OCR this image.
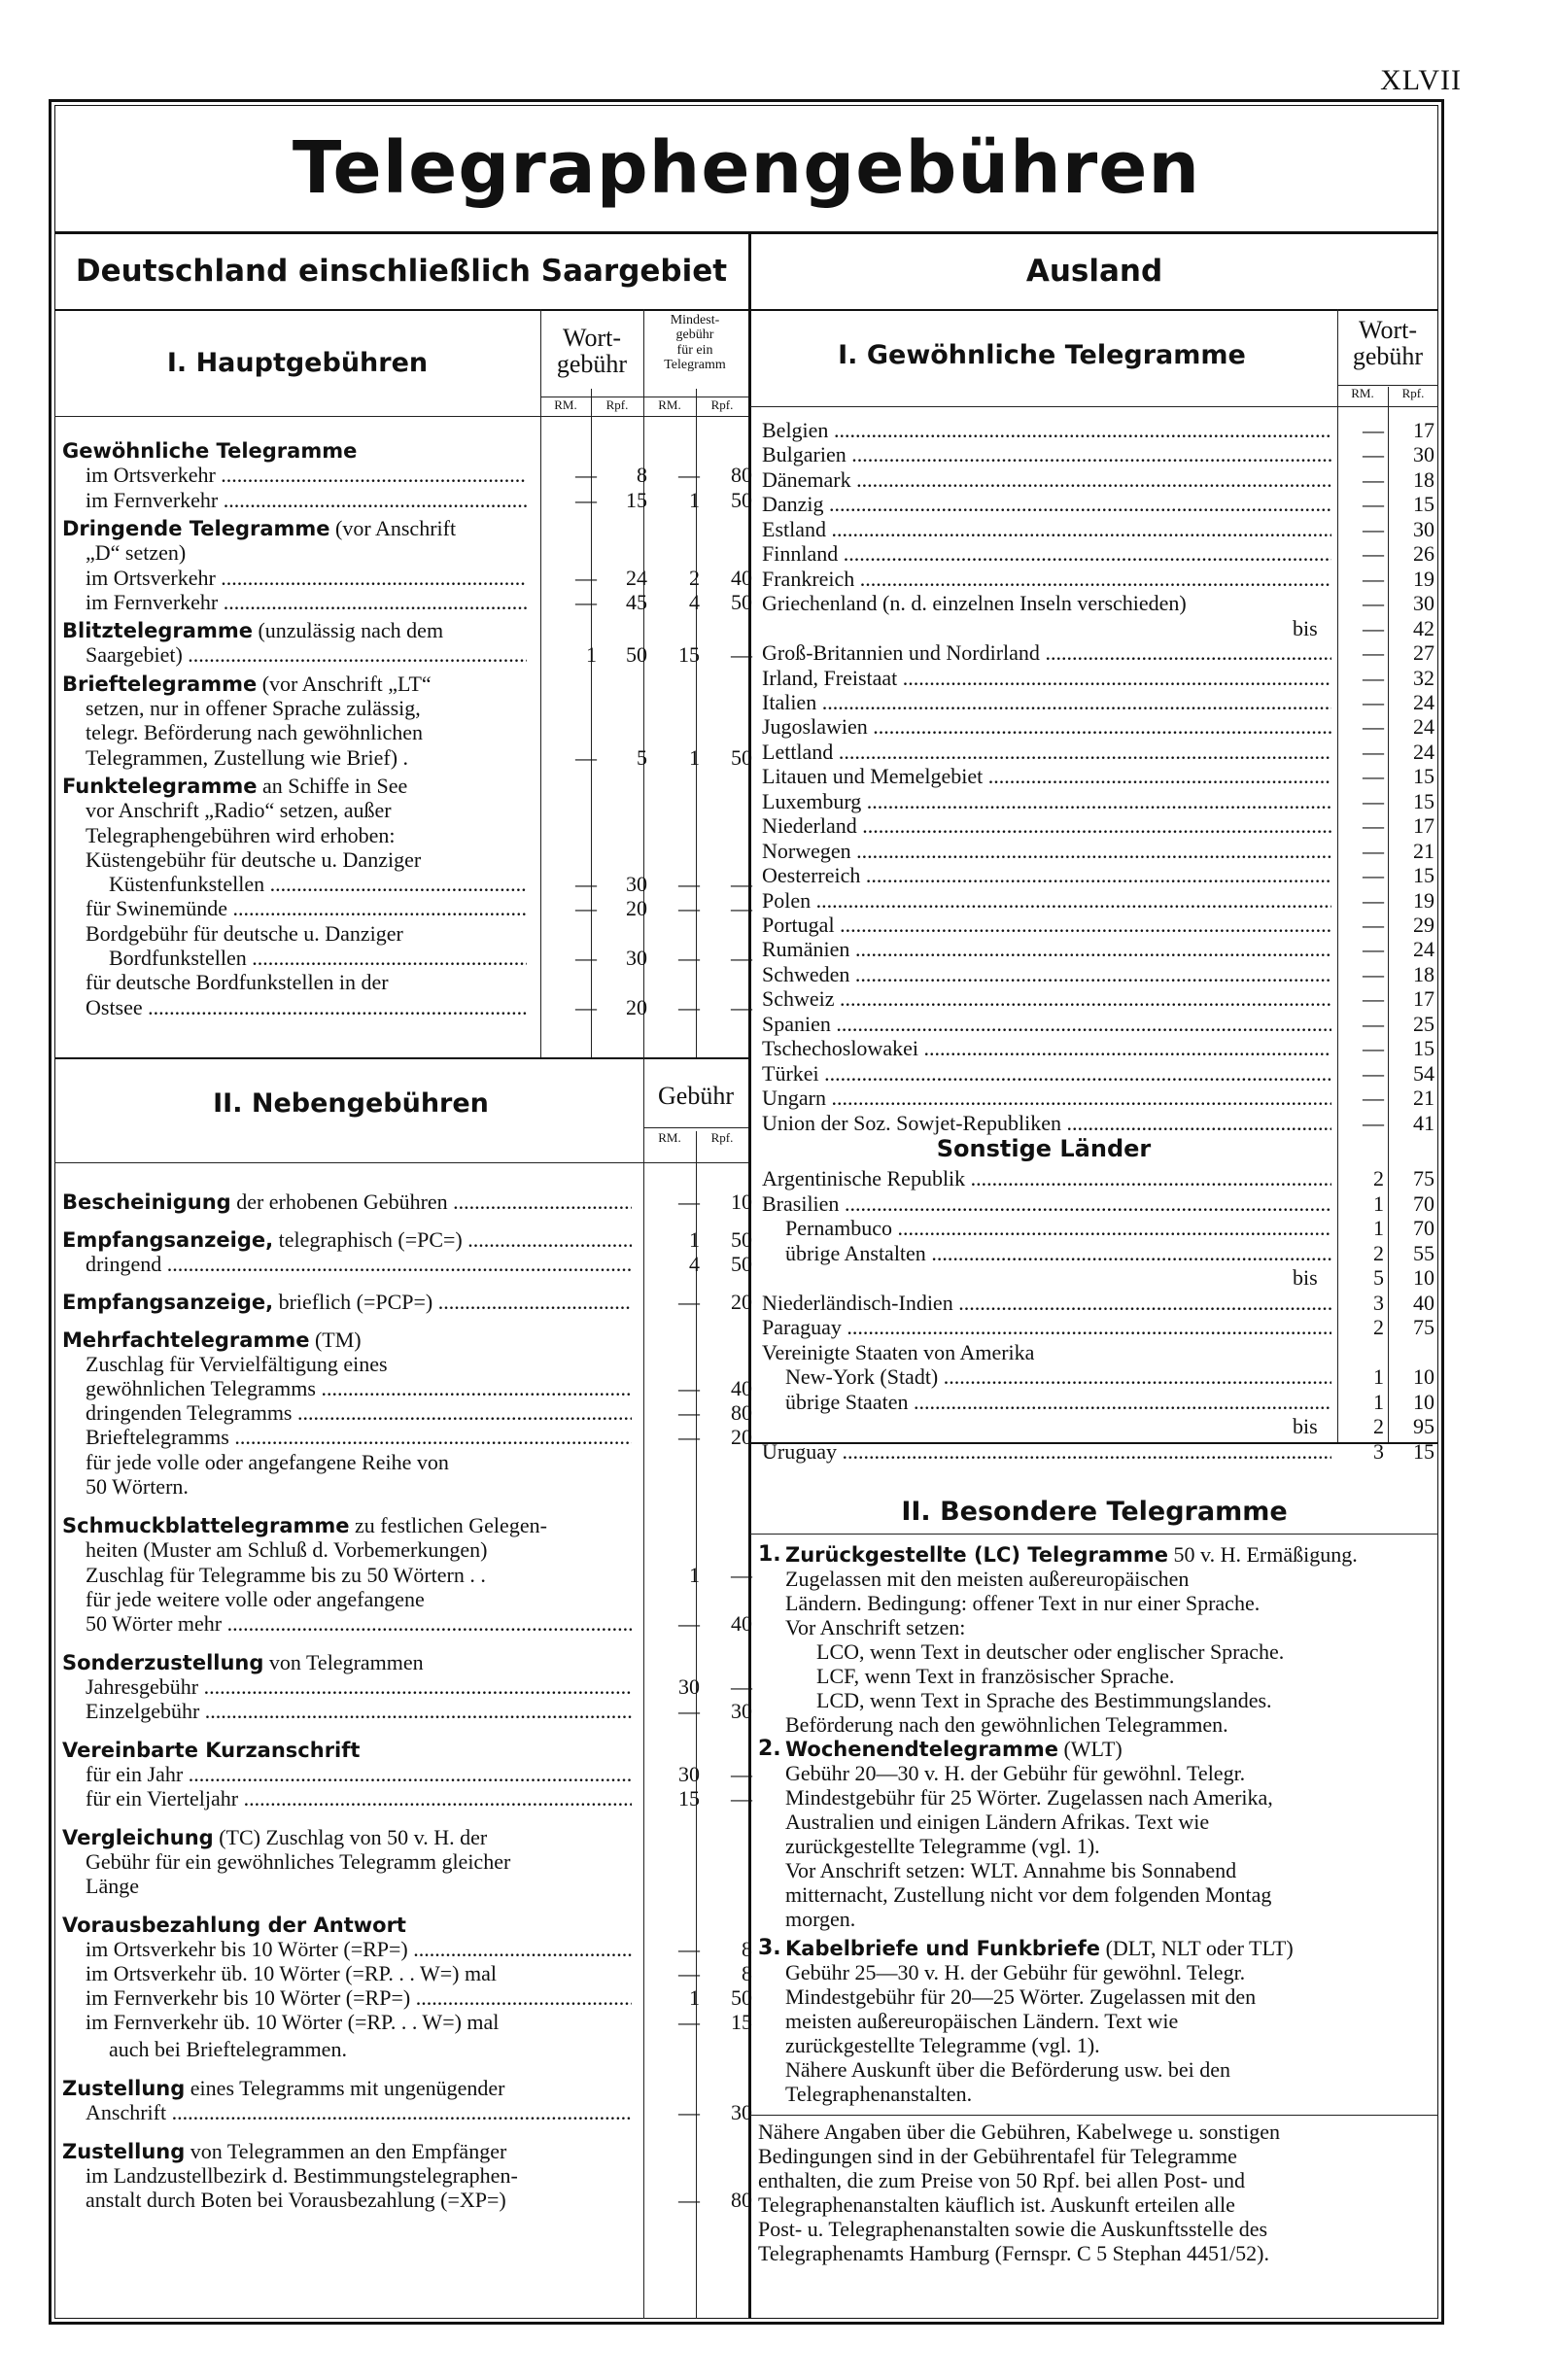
XLVII
Telegraphengebühren
Deutschland einschließlich Saargebiet	Ausland
I. Hauptgebühren
Wort-
gebühr
Mindest-
gebühr
für ein
Telegramm
RM.	Rpf.	RM.	Rpf.
Gewöhnliche Telegramme
im Ortsverkehr .....	—	8	—	80
im Fernverkehr .....	—	15	1	50
Dringende Telegramme (vor Anschrift
„D“ setzen)
im Ortsverkehr .....	—	24	2	40
im Fernverkehr .....	—	45	4	50
Blitztelegramme (unzulässig nach dem
Saargebiet) .....	1	50	15	—
Brieftelegramme (vor Anschrift „LT“
setzen, nur in offener Sprache zulässig,
telegr. Beförderung nach gewöhnlichen
Telegrammen, Zustellung wie Brief) .	—	5	1	50
Funktelegramme an Schiffe in See
vor Anschrift „Radio“ setzen, außer
Telegraphengebühren wird erhoben:
Küstengebühr für deutsche u. Danziger
Küstenfunkstellen .....	—	30	—	—
für Swinemünde .....	—	20	—	—
Bordgebühr für deutsche u. Danziger
Bordfunkstellen .....	—	30	—	—
für deutsche Bordfunkstellen in der
Ostsee .....	—	20	—	—
II. Nebengebühren	Gebühr
RM.	Rpf.
Bescheinigung der erhobenen Gebühren .....	—	10
Empfangsanzeige, telegraphisch (=PC=) .....	1	50
dringend .....	4	50
Empfangsanzeige, brieflich (=PCP=) .....	—	20
Mehrfachtelegramme (TM)
Zuschlag für Vervielfältigung eines
gewöhnlichen Telegramms .....	—	40
dringenden Telegramms .....	—	80
Brieftelegramms .....	—	20
für jede volle oder angefangene Reihe von
50 Wörtern.
Schmuckblattelegramme zu festlichen Gelegen-
heiten (Muster am Schluß d. Vorbemerkungen)
Zuschlag für Telegramme bis zu 50 Wörtern . .	1	—
für jede weitere volle oder angefangene
50 Wörter mehr .....	—	40
Sonderzustellung von Telegrammen
Jahresgebühr .....	30	—
Einzelgebühr .....	—	30
Vereinbarte Kurzanschrift
für ein Jahr .....	30	—
für ein Vierteljahr .....	15	—
Vergleichung (TC) Zuschlag von 50 v. H. der
Gebühr für ein gewöhnliches Telegramm gleicher
Länge
Vorausbezahlung der Antwort
im Ortsverkehr bis 10 Wörter (=RP=) .....	—	8
im Ortsverkehr üb. 10 Wörter (=RP. . . W=) mal	—	8
im Fernverkehr bis 10 Wörter (=RP=) .....	1	50
im Fernverkehr üb. 10 Wörter (=RP. . . W=) mal	—	15
auch bei Brieftelegrammen.
Zustellung eines Telegramms mit ungenügender
Anschrift .....	—	30
Zustellung von Telegrammen an den Empfänger
im Landzustellbezirk d. Bestimmungstelegraphen-
anstalt durch Boten bei Vorausbezahlung (=XP=)	—	80
I. Gewöhnliche Telegramme
Wort-
gebühr
RM.	Rpf.
Belgien .....	—	17
Bulgarien .....	—	30
Dänemark .....	—	18
Danzig .....	—	15
Estland .....	—	30
Finnland .....	—	26
Frankreich .....	—	19
Griechenland (n. d. einzelnen Inseln verschieden)	—	30
bis	—	42
Groß-Britannien und Nordirland .....	—	27
Irland, Freistaat .....	—	32
Italien .....	—	24
Jugoslawien .....	—	24
Lettland .....	—	24
Litauen und Memelgebiet .....	—	15
Luxemburg .....	—	15
Niederland .....	—	17
Norwegen .....	—	21
Oesterreich .....	—	15
Polen .....	—	19
Portugal .....	—	29
Rumänien .....	—	24
Schweden .....	—	18
Schweiz .....	—	17
Spanien .....	—	25
Tschechoslowakei .....	—	15
Türkei .....	—	54
Ungarn .....	—	21
Union der Soz. Sowjet-Republiken .....	—	41
Sonstige Länder
Argentinische Republik .....	2	75
Brasilien .....	1	70
Pernambuco .....	1	70
übrige Anstalten .....	2	55
bis	5	10
Niederländisch-Indien .....	3	40
Paraguay .....	2	75
Vereinigte Staaten von Amerika
New-York (Stadt) .....	1	10
übrige Staaten .....	1	10
bis	2	95
Uruguay .....	3	15
II. Besondere Telegramme
1. Zurückgestellte (LC) Telegramme 50 v. H. Ermäßigung.
Zugelassen mit den meisten außereuropäischen
Ländern. Bedingung: offener Text in nur einer Sprache.
Vor Anschrift setzen:
LCO, wenn Text in deutscher oder englischer Sprache.
LCF, wenn Text in französischer Sprache.
LCD, wenn Text in Sprache des Bestimmungslandes.
Beförderung nach den gewöhnlichen Telegrammen.
2. Wochenendtelegramme (WLT)
Gebühr 20—30 v. H. der Gebühr für gewöhnl. Telegr.
Mindestgebühr für 25 Wörter. Zugelassen nach Amerika,
Australien und einigen Ländern Afrikas. Text wie
zurückgestellte Telegramme (vgl. 1).
Vor Anschrift setzen: WLT. Annahme bis Sonnabend
mitternacht, Zustellung nicht vor dem folgenden Montag
morgen.
3. Kabelbriefe und Funkbriefe (DLT, NLT oder TLT)
Gebühr 25—30 v. H. der Gebühr für gewöhnl. Telegr.
Mindestgebühr für 20—25 Wörter. Zugelassen mit den
meisten außereuropäischen Ländern. Text wie
zurückgestellte Telegramme (vgl. 1).
Nähere Auskunft über die Beförderung usw. bei den
Telegraphenanstalten.
Nähere Angaben über die Gebühren, Kabelwege u. sonstigen
Bedingungen sind in der Gebührentafel für Telegramme
enthalten, die zum Preise von 50 Rpf. bei allen Post- und
Telegraphenanstalten käuflich ist. Auskunft erteilen alle
Post- u. Telegraphenanstalten sowie die Auskunftsstelle des
Telegraphenamts Hamburg (Fernspr. C 5 Stephan 4451/52).
